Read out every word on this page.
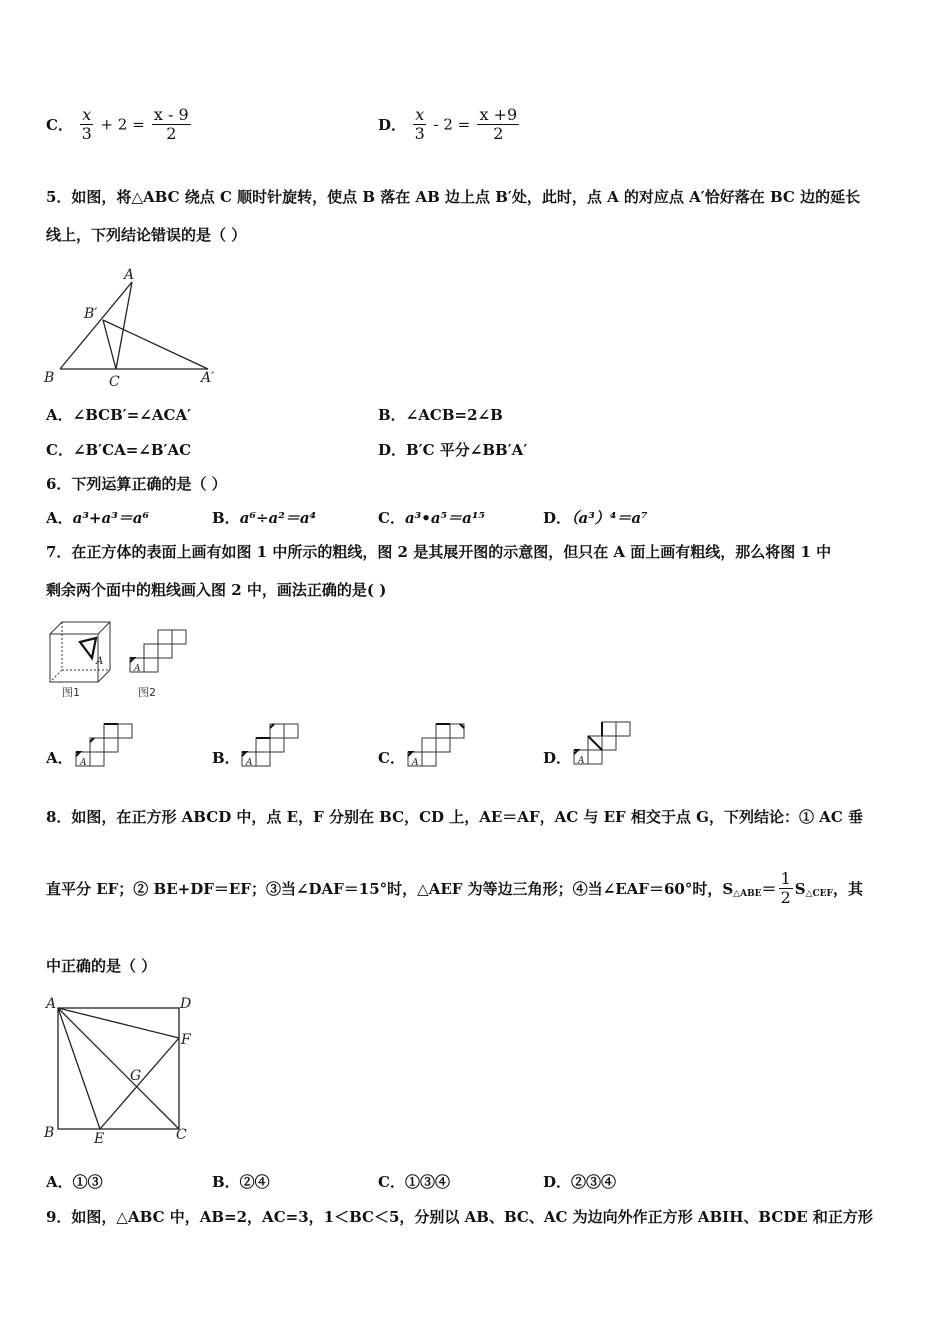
C． $\frac{x}{3} + 2 = \frac{x - 9}{2}$	D． $\frac{x}{3} - 2 = \frac{x +9}{2}$
5．如图，将△ABC 绕点 C 顺时针旋转，使点 B 落在 AB 边上点 B′处，此时，点 A 的对应点 A′恰好落在 BC 边的延长
线上，下列结论错误的是（ ）
A
B′
B	C	A′
A．∠BCB′=∠ACA′	B．∠ACB=2∠B
C．∠B′CA=∠B′AC	D．B′C 平分∠BB′A′
6．下列运算正确的是（ ）
A．a³+a³＝a⁶	B．a⁶÷a²＝a⁴	C．a³•a⁵＝a¹⁵	D．（a³）⁴＝a⁷
7．在正方体的表面上画有如图 1 中所示的粗线，图 2 是其展开图的示意图，但只在 A 面上画有粗线，那么将图 1 中
剩余两个面中的粗线画入图 2 中，画法正确的是( )
A
图1
A
图2
A． A	B． A	C． A	D． A
8．如图，在正方形 ABCD 中，点 E，F 分别在 BC，CD 上，AE＝AF，AC 与 EF 相交于点 G，下列结论：① AC 垂
直平分 EF；② BE+DF＝EF；③当∠DAF＝15°时，△AEF 为等边三角形；④当∠EAF＝60°时，$S_{\triangle ABE} = \frac{1}{2} S_{\triangle CEF}$ ，其
中正确的是（ ）
A	D
F
G
B	E	C
A．①③	B．②④	C．①③④	D．②③④
9．如图，△ABC 中，AB=2，AC=3，1＜BC＜5，分别以 AB、BC、AC 为边向外作正方形 ABIH、BCDE 和正方形
